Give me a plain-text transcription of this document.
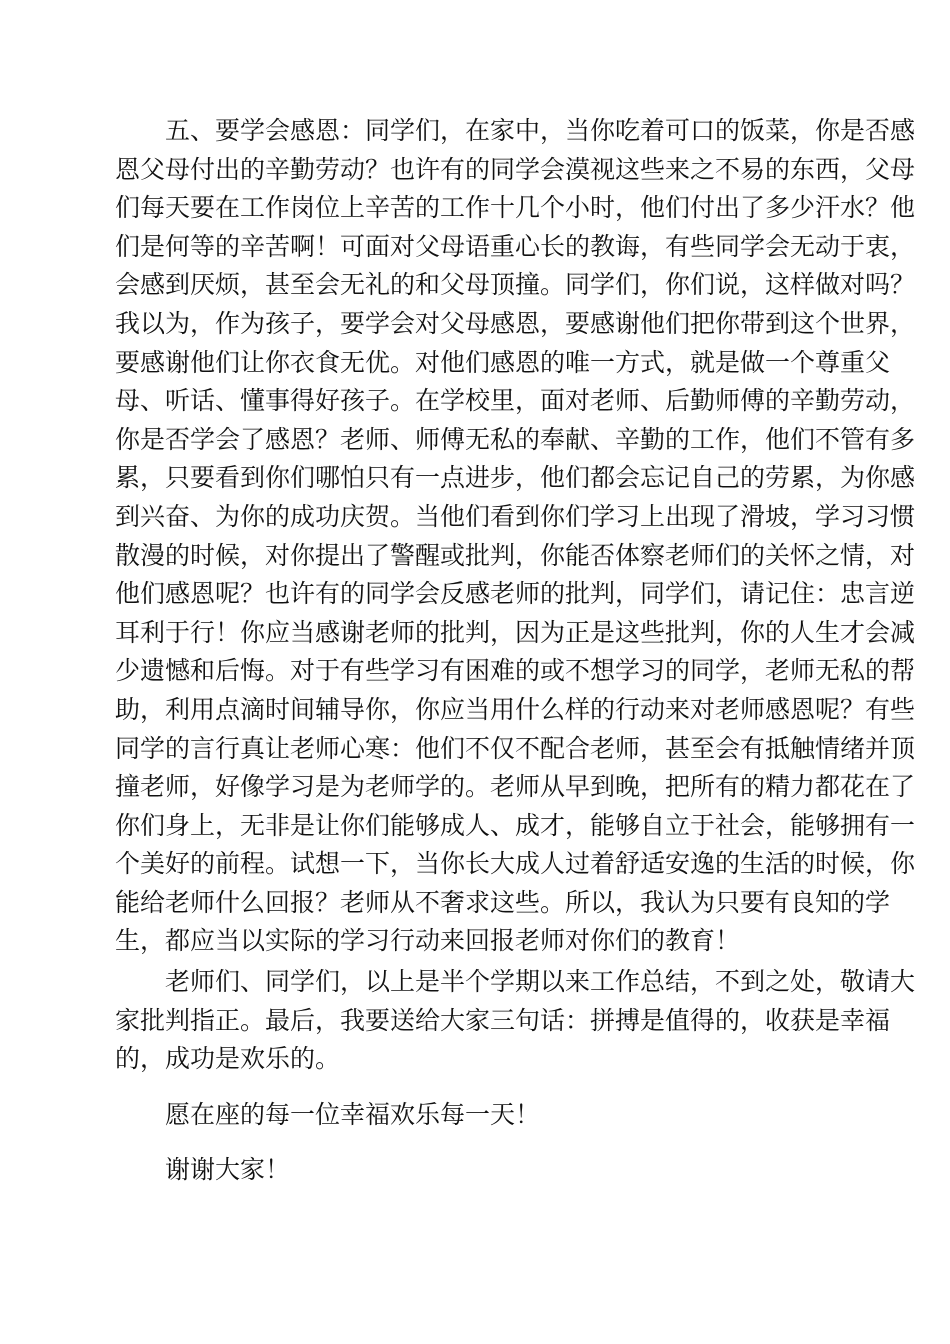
五、要学会感恩：同学们，在家中，当你吃着可口的饭菜，你是否感
恩父母付出的辛勤劳动？也许有的同学会漠视这些来之不易的东西，父母
们每天要在工作岗位上辛苦的工作十几个小时，他们付出了多少汗水？他
们是何等的辛苦啊！可面对父母语重心长的教诲，有些同学会无动于衷，
会感到厌烦，甚至会无礼的和父母顶撞。同学们，你们说，这样做对吗？
我以为，作为孩子，要学会对父母感恩，要感谢他们把你带到这个世界，
要感谢他们让你衣食无优。对他们感恩的唯一方式，就是做一个尊重父
母、听话、懂事得好孩子。在学校里，面对老师、后勤师傅的辛勤劳动，
你是否学会了感恩？老师、师傅无私的奉献、辛勤的工作，他们不管有多
累，只要看到你们哪怕只有一点进步，他们都会忘记自己的劳累，为你感
到兴奋、为你的成功庆贺。当他们看到你们学习上出现了滑坡，学习习惯
散漫的时候，对你提出了警醒或批判，你能否体察老师们的关怀之情，对
他们感恩呢？也许有的同学会反感老师的批判，同学们，请记住：忠言逆
耳利于行！你应当感谢老师的批判，因为正是这些批判，你的人生才会减
少遗憾和后悔。对于有些学习有困难的或不想学习的同学，老师无私的帮
助，利用点滴时间辅导你，你应当用什么样的行动来对老师感恩呢？有些
同学的言行真让老师心寒：他们不仅不配合老师，甚至会有抵触情绪并顶
撞老师，好像学习是为老师学的。老师从早到晚，把所有的精力都花在了
你们身上，无非是让你们能够成人、成才，能够自立于社会，能够拥有一
个美好的前程。试想一下，当你长大成人过着舒适安逸的生活的时候，你
能给老师什么回报？老师从不奢求这些。所以，我认为只要有良知的学
生，都应当以实际的学习行动来回报老师对你们的教育！
老师们、同学们，以上是半个学期以来工作总结，不到之处，敬请大
家批判指正。最后，我要送给大家三句话：拼搏是值得的，收获是幸福
的，成功是欢乐的。
愿在座的每一位幸福欢乐每一天！
谢谢大家！
